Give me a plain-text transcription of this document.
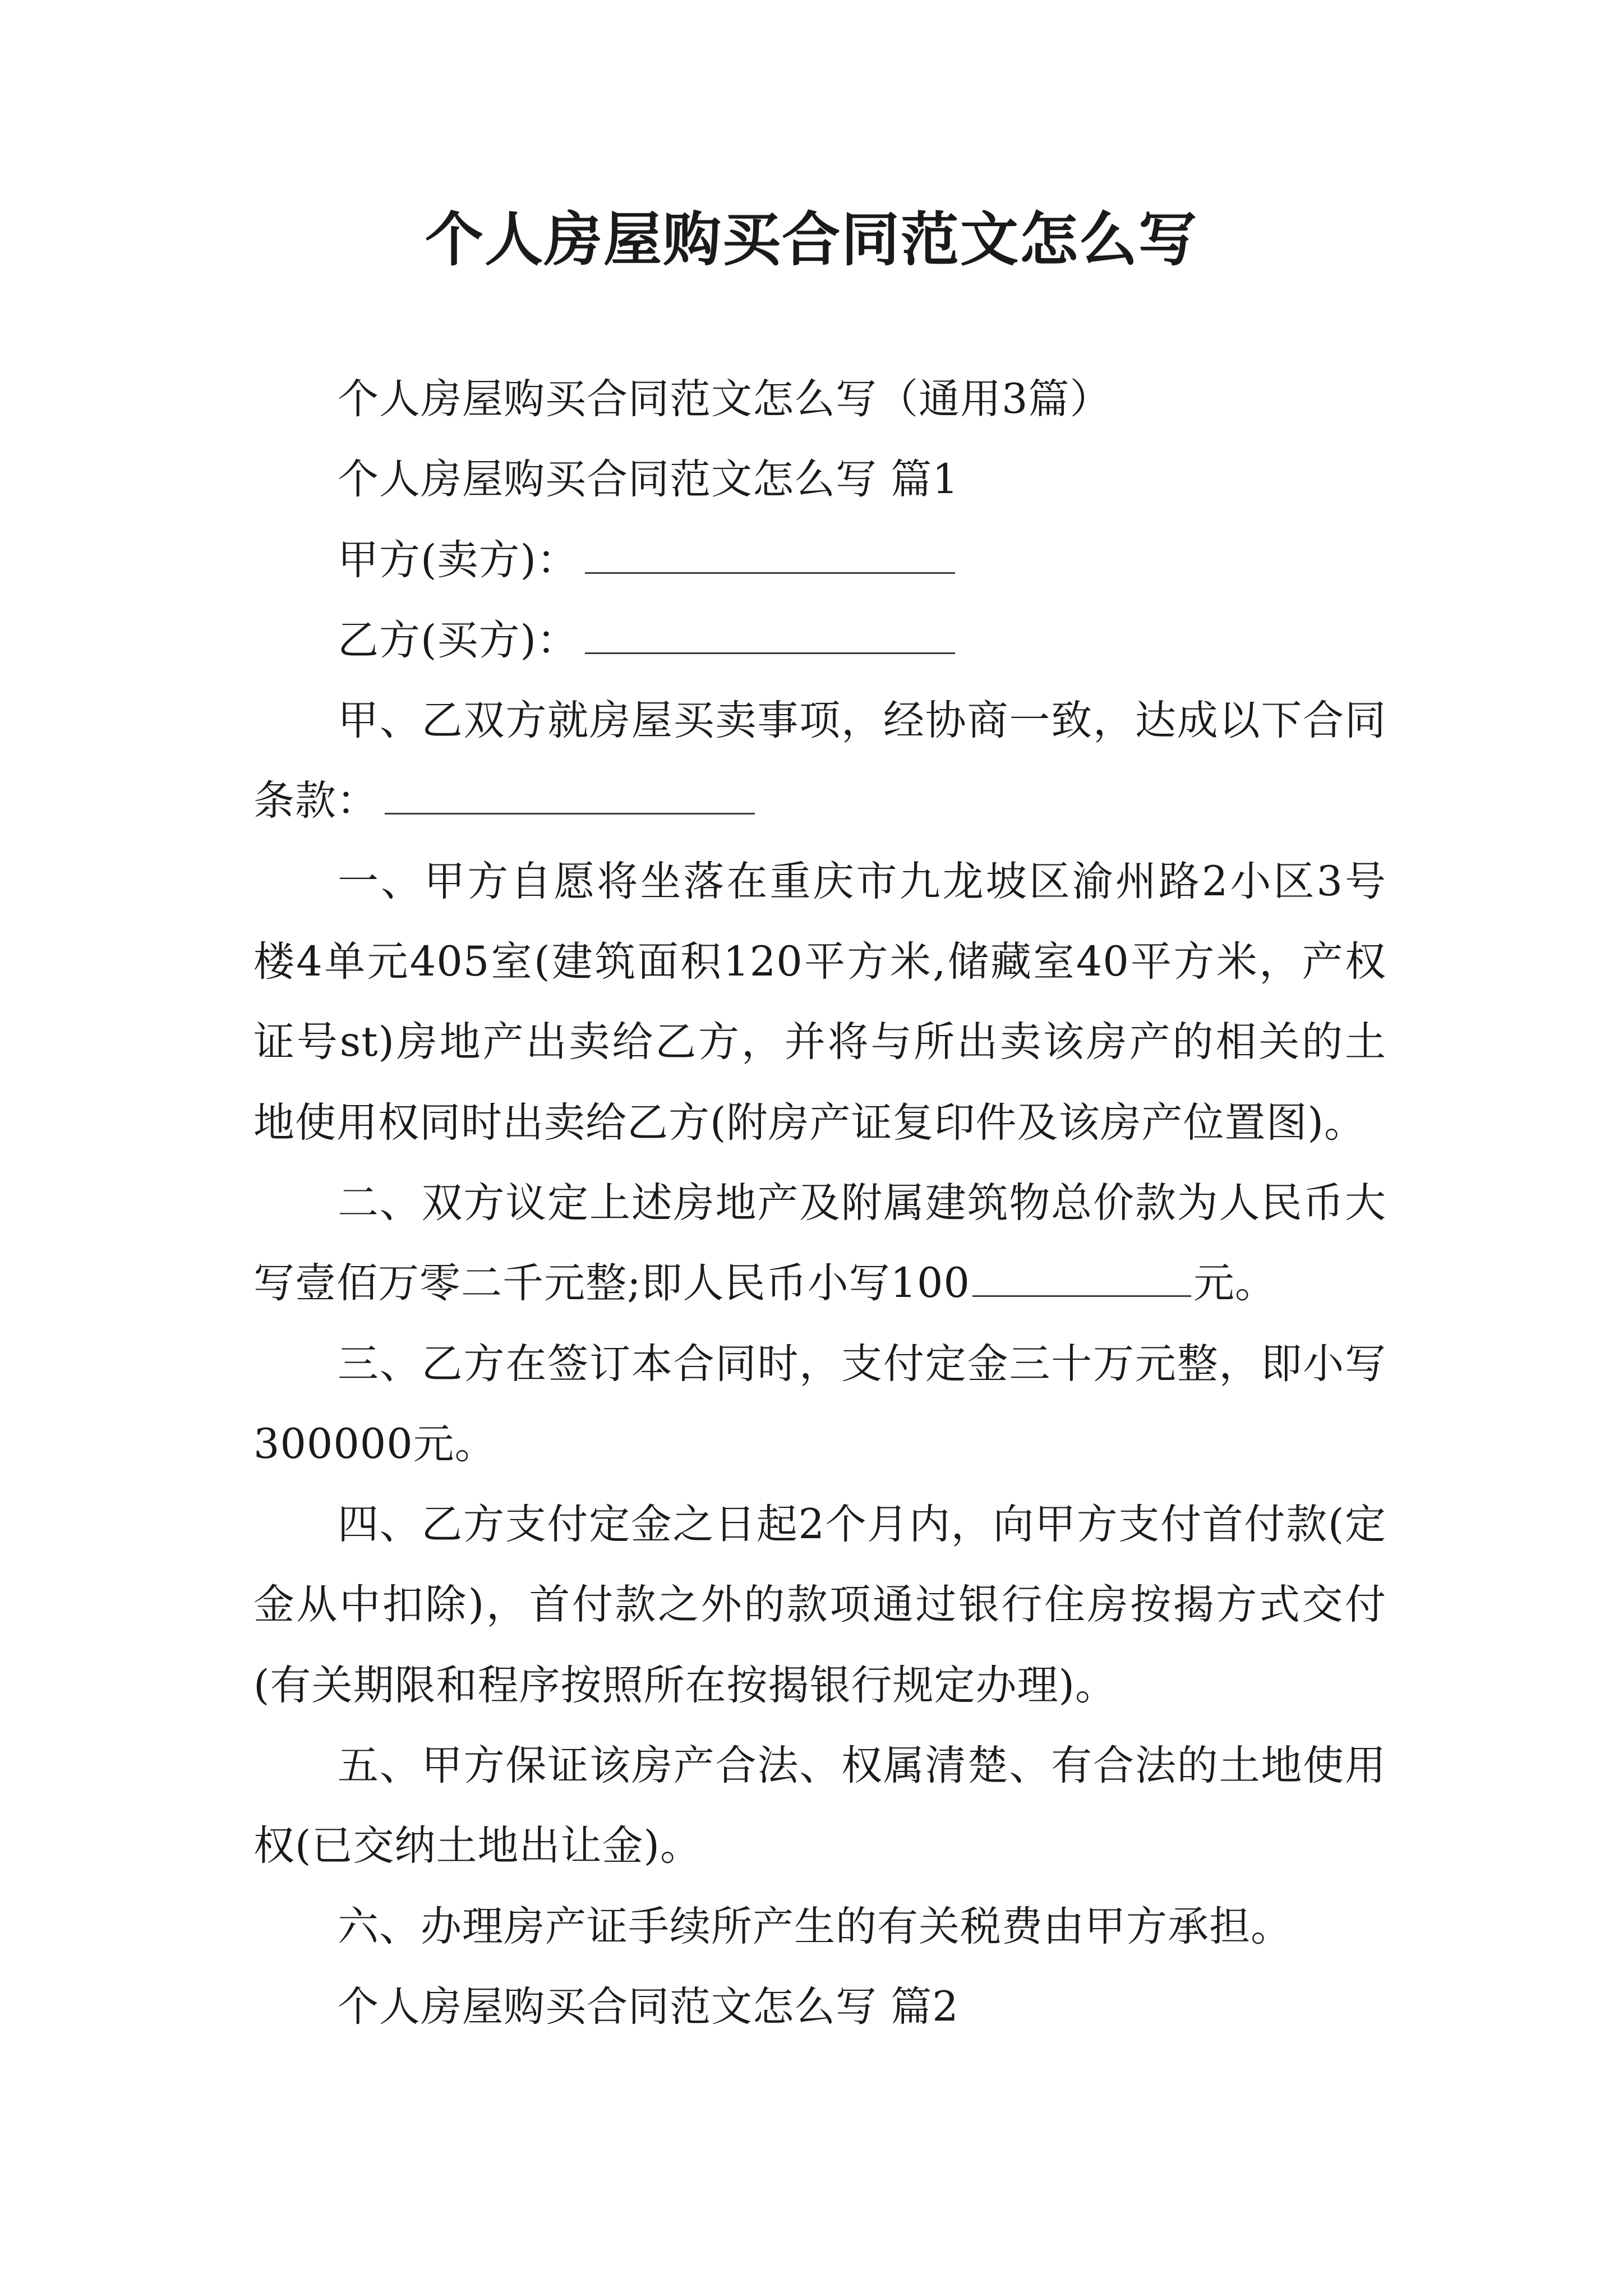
个人房屋购买合同范文怎么写

个人房屋购买合同范文怎么写（通用3篇）

个人房屋购买合同范文怎么写 篇1

甲方(卖方)：

乙方(买方)：

甲、乙双方就房屋买卖事项，经协商一致，达成以下合同条款：

一、甲方自愿将坐落在重庆市九龙坡区渝州路2小区3号楼4单元405室(建筑面积120平方米,储藏室40平方米，产权证号st)房地产出卖给乙方，并将与所出卖该房产的相关的土地使用权同时出卖给乙方(附房产证复印件及该房产位置图)。

二、双方议定上述房地产及附属建筑物总价款为人民币大写壹佰万零二千元整;即人民币小写100	元。

三、乙方在签订本合同时，支付定金三十万元整，即小写300000元。

四、乙方支付定金之日起2个月内，向甲方支付首付款(定金从中扣除)，首付款之外的款项通过银行住房按揭方式交付(有关期限和程序按照所在按揭银行规定办理)。

五、甲方保证该房产合法、权属清楚、有合法的土地使用权(已交纳土地出让金)。

六、办理房产证手续所产生的有关税费由甲方承担。

个人房屋购买合同范文怎么写 篇2
